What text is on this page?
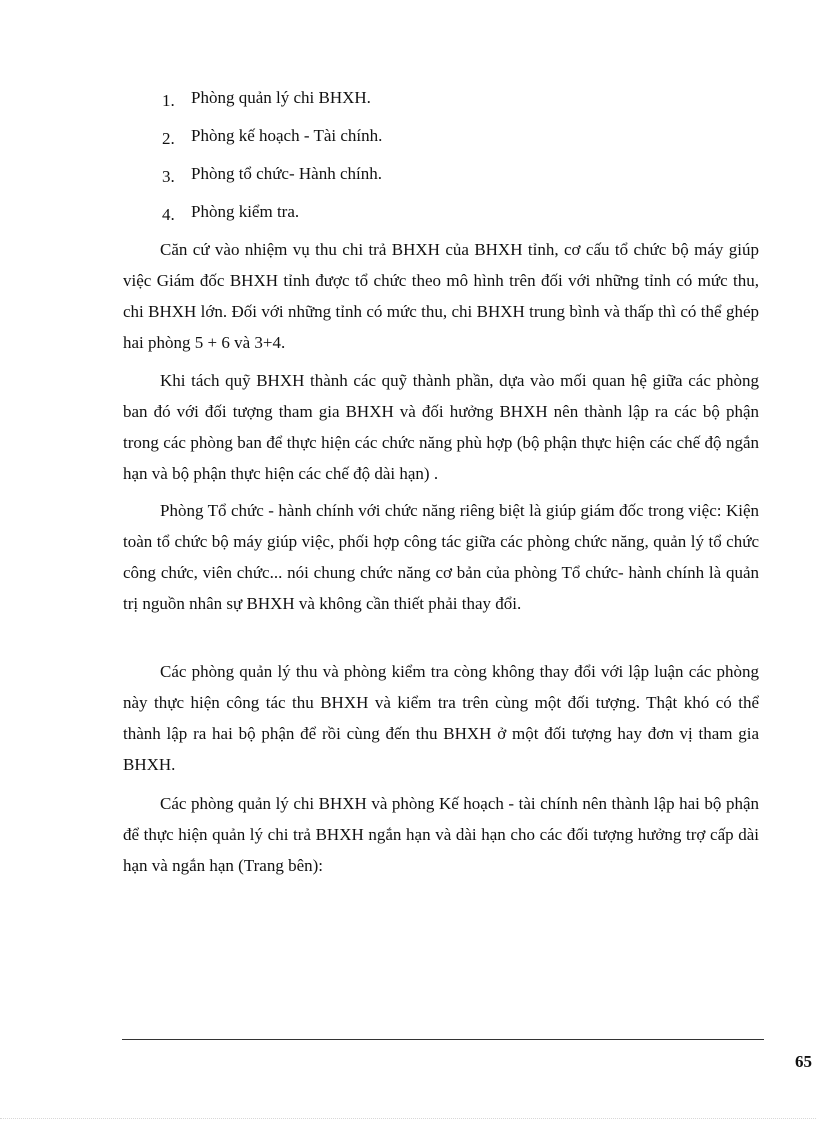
1. Phòng quản lý chi BHXH.
2. Phòng kế hoạch - Tài chính.
3. Phòng tổ chức- Hành chính.
4. Phòng kiểm tra.

Căn cứ vào nhiệm vụ thu chi trả BHXH của BHXH tỉnh, cơ cấu tổ chức bộ máy giúp việc Giám đốc BHXH tỉnh được tổ chức theo mô hình trên đối với những tỉnh có mức thu, chi BHXH lớn. Đối với những tỉnh có mức thu, chi BHXH trung bình và thấp thì có thể ghép hai phòng 5 + 6 và 3+4.

Khi tách quỹ BHXH thành các quỹ thành phần, dựa vào mối quan hệ giữa các phòng ban đó với đối tượng tham gia BHXH và đối hưởng BHXH nên thành lập ra các bộ phận trong các phòng ban để thực hiện các chức năng phù hợp (bộ phận thực hiện các chế độ ngắn hạn và bộ phận thực hiện các chế độ dài hạn) .

Phòng Tổ chức - hành chính với chức năng riêng biệt là giúp giám đốc trong việc: Kiện toàn tổ chức bộ máy giúp việc, phối hợp công tác giữa các phòng chức năng, quản lý tổ chức công chức, viên chức... nói chung chức năng cơ bản của phòng Tổ chức- hành chính là quản trị nguồn nhân sự BHXH và không cần thiết phải thay đổi.

Các phòng quản lý thu và phòng kiểm tra còng không thay đổi với lập luận các phòng này thực hiện công tác thu BHXH và kiểm tra trên cùng một đối tượng. Thật khó có thể thành lập ra hai bộ phận để rồi cùng đến thu BHXH ở một đối tượng hay đơn vị tham gia BHXH.

Các phòng quản lý chi BHXH và phòng Kế hoạch - tài chính nên thành lập hai bộ phận để thực hiện quản lý chi trả BHXH ngắn hạn và dài hạn cho các đối tượng hưởng trợ cấp dài hạn và ngắn hạn (Trang bên):

65
